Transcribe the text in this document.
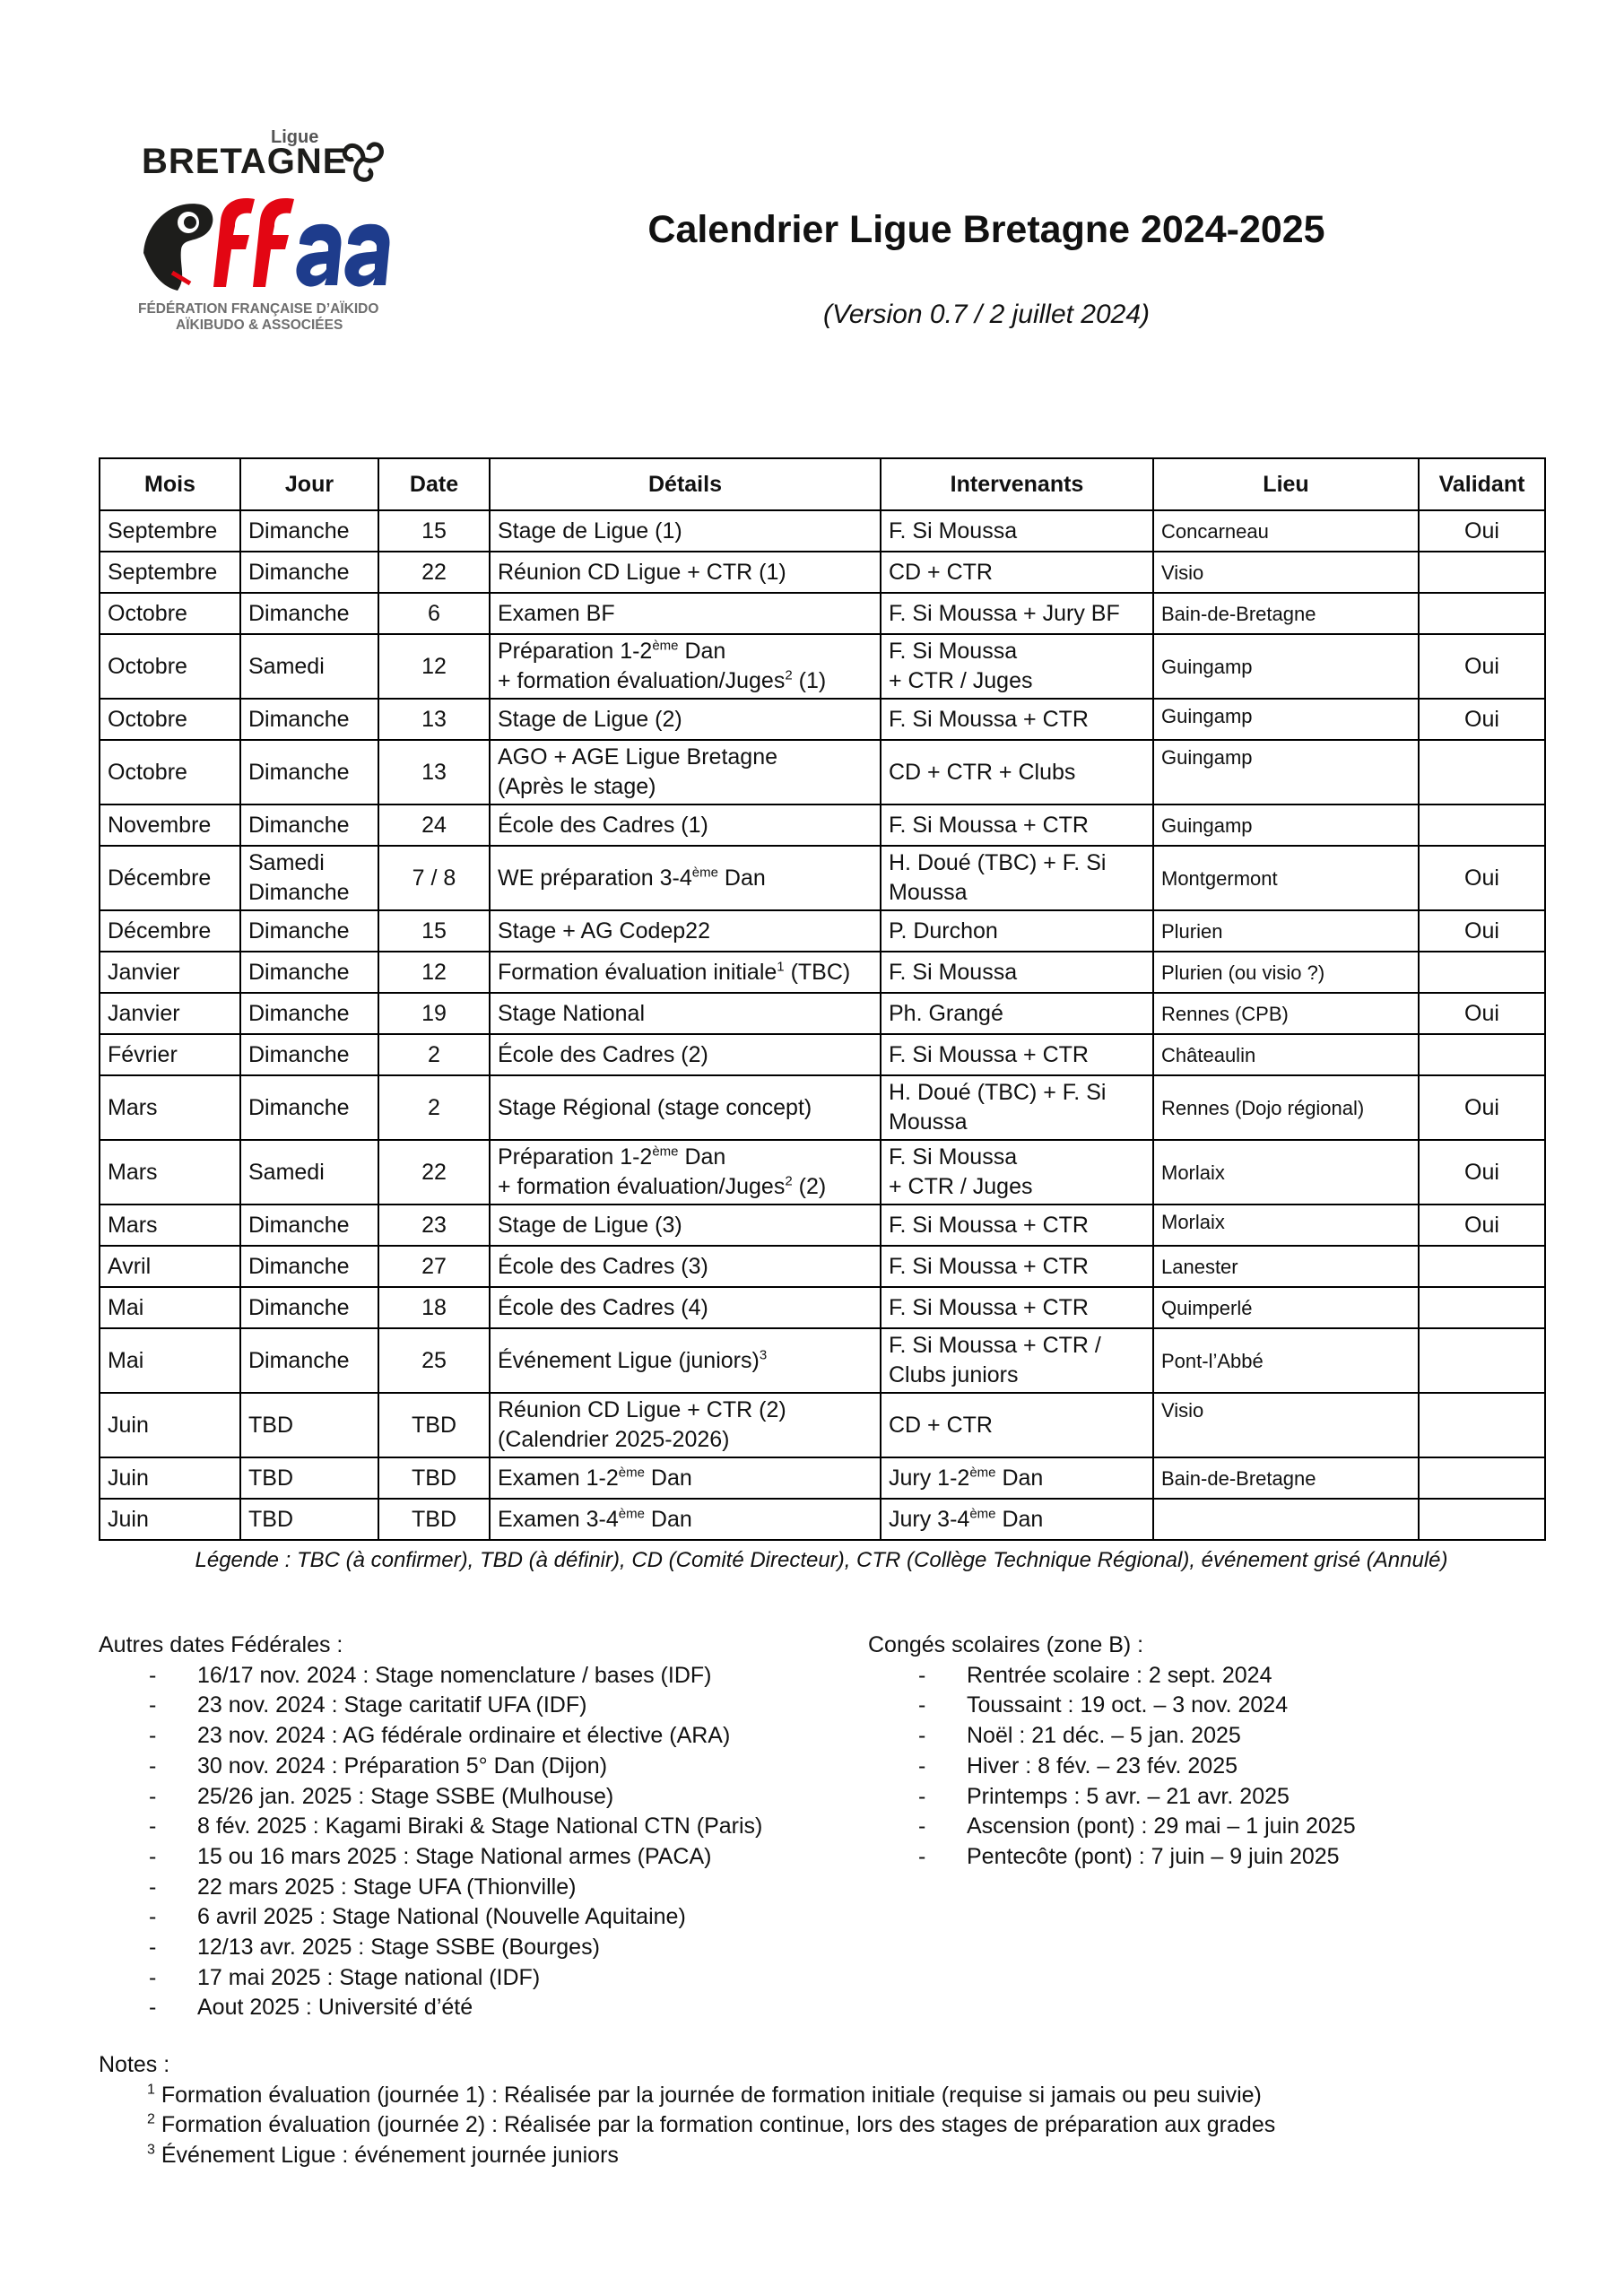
Ligue
BRETAGNE
FÉDÉRATION FRANÇAISE D’AÏKIDO
AÏKIBUDO & ASSOCIÉES
Calendrier Ligue Bretagne 2024-2025
(Version 0.7 / 2 juillet 2024)
Mois	Jour	Date	Détails	Intervenants	Lieu	Validant
Septembre	Dimanche	15	Stage de Ligue (1)	F. Si Moussa	Concarneau	Oui
Septembre	Dimanche	22	Réunion CD Ligue + CTR (1)	CD + CTR	Visio	
Octobre	Dimanche	6	Examen BF	F. Si Moussa + Jury BF	Bain-de-Bretagne	
Octobre	Samedi	12	Préparation 1-2ème Dan
+ formation évaluation/Juges$^2$ (1)	F. Si Moussa
+ CTR / Juges	Guingamp	Oui
Octobre	Dimanche	13	Stage de Ligue (2)	F. Si Moussa + CTR	Guingamp	Oui
Octobre	Dimanche	13	AGO + AGE Ligue Bretagne
(Après le stage)	CD + CTR + Clubs	Guingamp	
Novembre	Dimanche	24	École des Cadres (1)	F. Si Moussa + CTR	Guingamp	
Décembre	Samedi
Dimanche	7 / 8	WE préparation 3-4ème Dan	H. Doué (TBC) + F. Si
Moussa	Montgermont	Oui
Décembre	Dimanche	15	Stage + AG Codep22	P. Durchon	Plurien	Oui
Janvier	Dimanche	12	Formation évaluation initiale$^1$ (TBC)	F. Si Moussa	Plurien (ou visio ?)	
Janvier	Dimanche	19	Stage National	Ph. Grangé	Rennes (CPB)	Oui
Février	Dimanche	2	École des Cadres (2)	F. Si Moussa + CTR	Châteaulin	
Mars	Dimanche	2	Stage Régional (stage concept)	H. Doué (TBC) + F. Si
Moussa	Rennes (Dojo régional)	Oui
Mars	Samedi	22	Préparation 1-2ème Dan
+ formation évaluation/Juges$^2$ (2)	F. Si Moussa
+ CTR / Juges	Morlaix	Oui
Mars	Dimanche	23	Stage de Ligue (3)	F. Si Moussa + CTR	Morlaix	Oui
Avril	Dimanche	27	École des Cadres (3)	F. Si Moussa + CTR	Lanester	
Mai	Dimanche	18	École des Cadres (4)	F. Si Moussa + CTR	Quimperlé	
Mai	Dimanche	25	Événement Ligue (juniors)$^3$	F. Si Moussa + CTR /
Clubs juniors	Pont-l’Abbé	
Juin	TBD	TBD	Réunion CD Ligue + CTR (2)
(Calendrier 2025-2026)	CD + CTR	Visio	
Juin	TBD	TBD	Examen 1-2ème Dan	Jury 1-2ème Dan	Bain-de-Bretagne	
Juin	TBD	TBD	Examen 3-4ème Dan	Jury 3-4ème Dan		
Légende : TBC (à confirmer), TBD (à définir), CD (Comité Directeur), CTR (Collège Technique Régional), événement grisé (Annulé)

Autres dates Fédérales :

- 16/17 nov. 2024 : Stage nomenclature / bases (IDF)
- 23 nov. 2024 : Stage caritatif UFA (IDF)
- 23 nov. 2024 : AG fédérale ordinaire et élective (ARA)
- 30 nov. 2024 : Préparation 5° Dan (Dijon)
- 25/26 jan. 2025 : Stage SSBE (Mulhouse)
- 8 fév. 2025 : Kagami Biraki & Stage National CTN (Paris)
- 15 ou 16 mars 2025 : Stage National armes (PACA)
- 22 mars 2025 : Stage UFA (Thionville)
- 6 avril 2025 : Stage National (Nouvelle Aquitaine)
- 12/13 avr. 2025 : Stage SSBE (Bourges)
- 17 mai 2025 : Stage national (IDF)
- Aout 2025 : Université d’été

Congés scolaires (zone B) :

- Rentrée scolaire : 2 sept. 2024
- Toussaint : 19 oct. – 3 nov. 2024
- Noël : 21 déc. – 5 jan. 2025
- Hiver : 8 fév. – 23 fév. 2025
- Printemps : 5 avr. – 21 avr. 2025
- Ascension (pont) : 29 mai – 1 juin 2025
- Pentecôte (pont) : 7 juin – 9 juin 2025
Notes :
$^1$ Formation évaluation (journée 1) : Réalisée par la journée de formation initiale (requise si jamais ou peu suivie)
$^2$ Formation évaluation (journée 2) : Réalisée par la formation continue, lors des stages de préparation aux grades
$^3$ Événement Ligue : événement journée juniors
